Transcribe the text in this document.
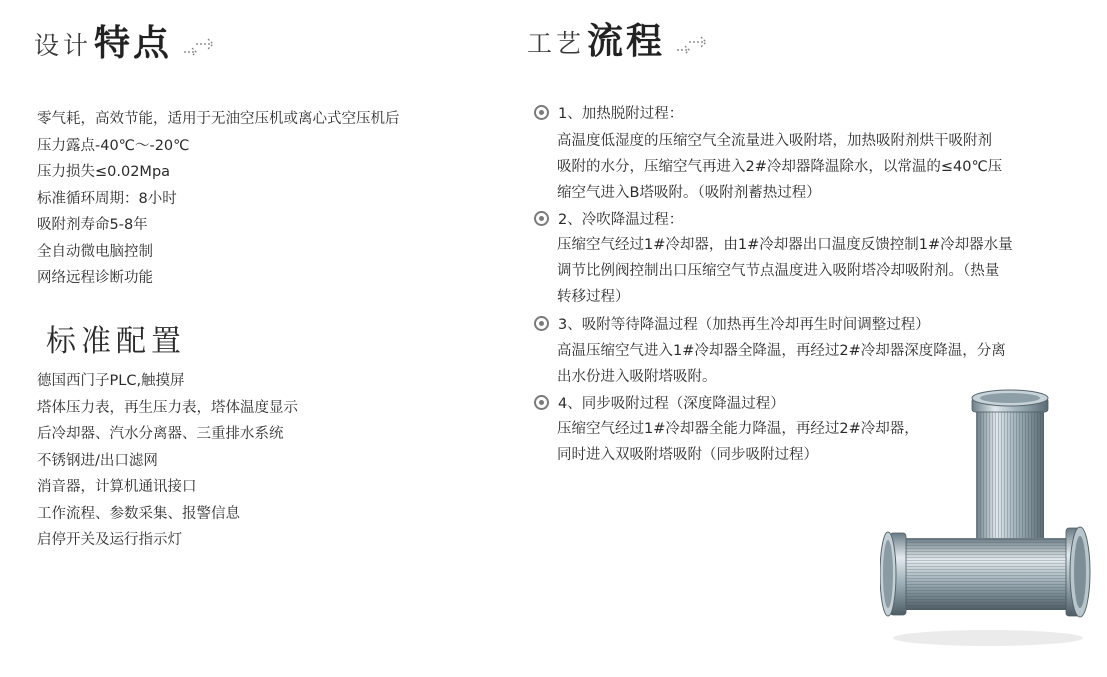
设计 特点
零气耗，高效节能，适用于无油空压机或离心式空压机后
压力露点-40℃～-20℃
压力损失≤0.02Mpa
标准循环周期：8小时
吸附剂寿命5-8年
全自动微电脑控制
网络远程诊断功能
标准配置
德国西门子PLC,触摸屏
塔体压力表，再生压力表，塔体温度显示
后冷却器、汽水分离器、三重排水系统
不锈钢进/出口滤网
消音器，计算机通讯接口
工作流程、参数采集、报警信息
启停开关及运行指示灯
工艺 流程
1、加热脱附过程：
高温度低湿度的压缩空气全流量进入吸附塔，加热吸附剂烘干吸附剂
吸附的水分，压缩空气再进入2#冷却器降温除水，以常温的≤40℃压
缩空气进入B塔吸附。（吸附剂蓄热过程）
2、冷吹降温过程：
压缩空气经过1#冷却器，由1#冷却器出口温度反馈控制1#冷却器水量
调节比例阀控制出口压缩空气节点温度进入吸附塔冷却吸附剂。（热量
转移过程）
3、吸附等待降温过程（加热再生冷却再生时间调整过程）
高温压缩空气进入1#冷却器全降温，再经过2#冷却器深度降温，分离
出水份进入吸附塔吸附。
4、同步吸附过程（深度降温过程）
压缩空气经过1#冷却器全能力降温，再经过2#冷却器，
同时进入双吸附塔吸附（同步吸附过程）
